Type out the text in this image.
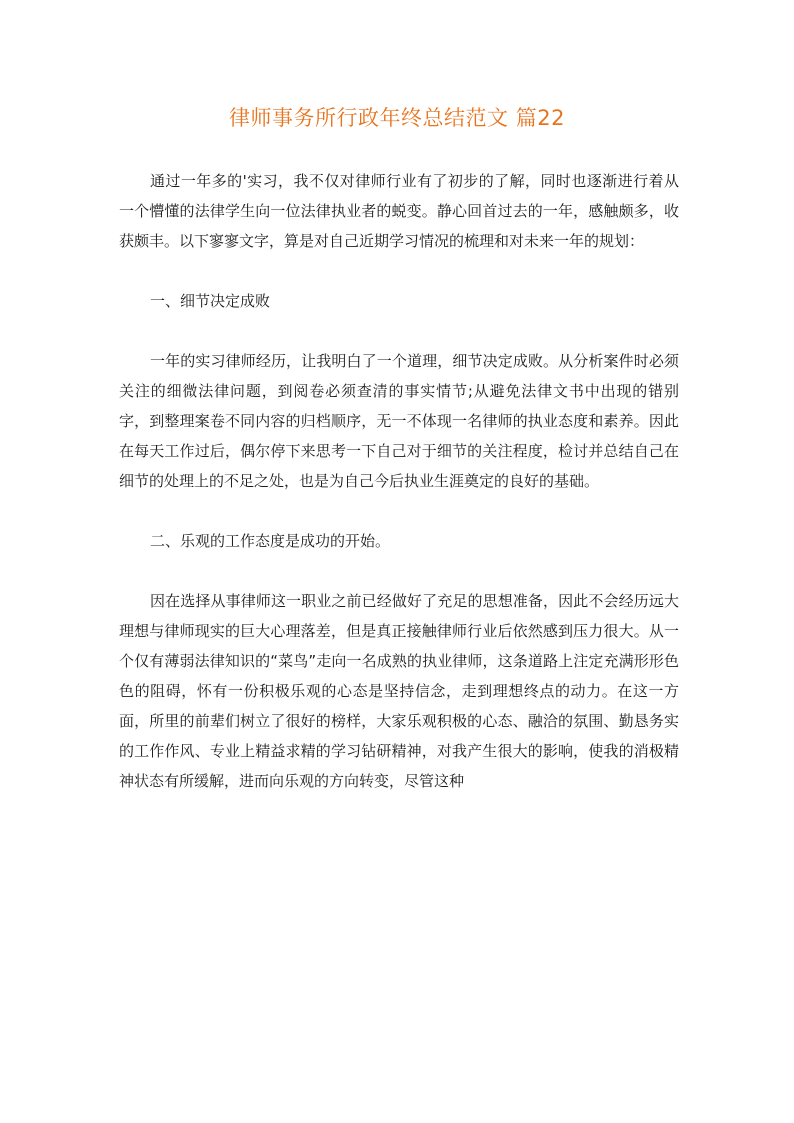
律师事务所行政年终总结范文 篇22

通过一年多的'实习，我不仅对律师行业有了初步的了解，同时也逐渐进行着从一个懵懂的法律学生向一位法律执业者的蜕变。静心回首过去的一年，感触颇多，收获颇丰。以下寥寥文字，算是对自己近期学习情况的梳理和对未来一年的规划：

一、细节决定成败

一年的实习律师经历，让我明白了一个道理，细节决定成败。从分析案件时必须关注的细微法律问题，到阅卷必须查清的事实情节;从避免法律文书中出现的错别字，到整理案卷不同内容的归档顺序，无一不体现一名律师的执业态度和素养。因此在每天工作过后，偶尔停下来思考一下自己对于细节的关注程度，检讨并总结自己在细节的处理上的不足之处，也是为自己今后执业生涯奠定的良好的基础。

二、乐观的工作态度是成功的开始。

因在选择从事律师这一职业之前已经做好了充足的思想准备，因此不会经历远大理想与律师现实的巨大心理落差，但是真正接触律师行业后依然感到压力很大。从一个仅有薄弱法律知识的“菜鸟”走向一名成熟的执业律师，这条道路上注定充满形形色色的阻碍，怀有一份积极乐观的心态是坚持信念，走到理想终点的动力。在这一方面，所里的前辈们树立了很好的榜样，大家乐观积极的心态、融洽的氛围、勤恳务实的工作作风、专业上精益求精的学习钻研精神，对我产生很大的影响，使我的消极精神状态有所缓解，进而向乐观的方向转变，尽管这种
